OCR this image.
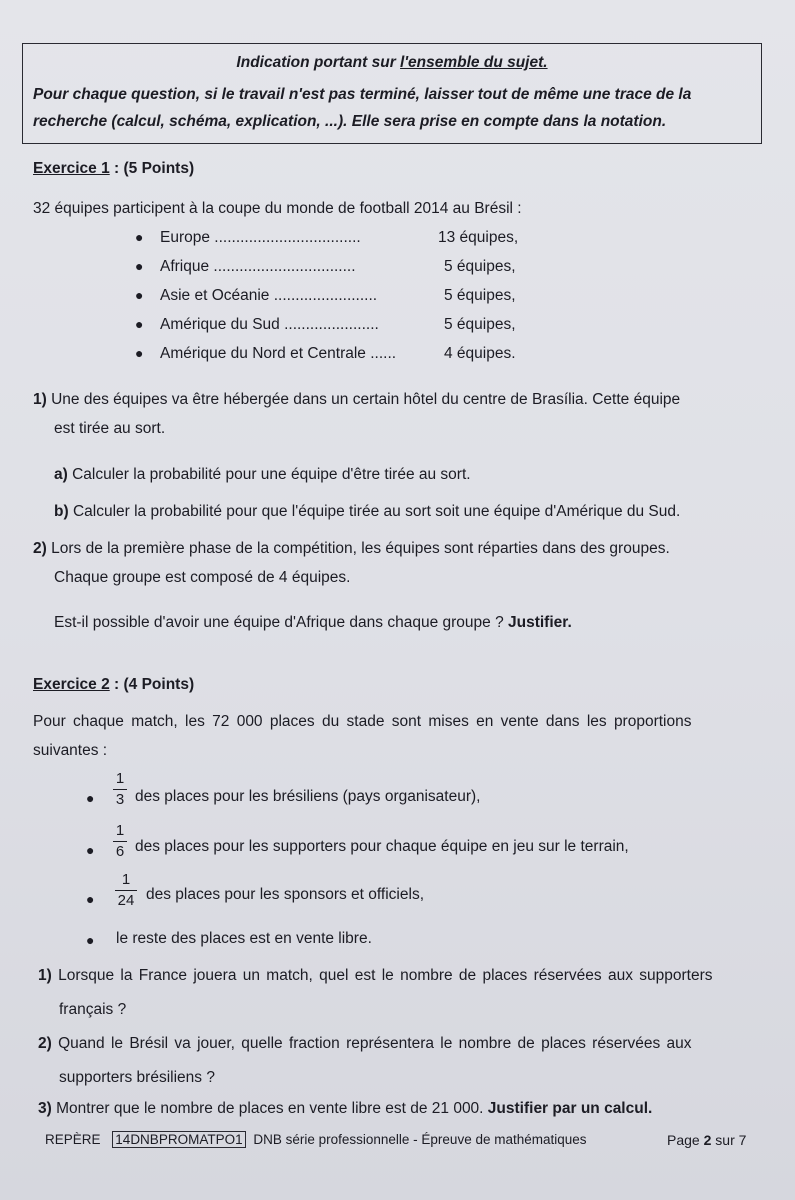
Indication portant sur l'ensemble du sujet.
Pour chaque question, si le travail n'est pas terminé, laisser tout de même une trace de la recherche (calcul, schéma, explication, ...). Elle sera prise en compte dans la notation.
Exercice 1 : (5 Points)
32 équipes participent à la coupe du monde de football 2014 au Brésil :
● Europe ..................................	13 équipes,
● Afrique .................................	5 équipes,
● Asie et Océanie ........................	5 équipes,
● Amérique du Sud ......................	5 équipes,
● Amérique du Nord et Centrale ......	4 équipes.
1) Une des équipes va être hébergée dans un certain hôtel du centre de Brasília. Cette équipe
est tirée au sort.
a) Calculer la probabilité pour une équipe d'être tirée au sort.
b) Calculer la probabilité pour que l'équipe tirée au sort soit une équipe d'Amérique du Sud.
2) Lors de la première phase de la compétition, les équipes sont réparties dans des groupes.
Chaque groupe est composé de 4 équipes.
Est-il possible d'avoir une équipe d'Afrique dans chaque groupe ? Justifier.
Exercice 2 : (4 Points)
Pour chaque match, les 72 000 places du stade sont mises en vente dans les proportions
suivantes :
●
1
3 des places pour les brésiliens (pays organisateur),
●
1
6 des places pour les supporters pour chaque équipe en jeu sur le terrain,
●
1
24 des places pour les sponsors et officiels,
● le reste des places est en vente libre.
1) Lorsque la France jouera un match, quel est le nombre de places réservées aux supporters
français ?
2) Quand le Brésil va jouer, quelle fraction représentera le nombre de places réservées aux
supporters brésiliens ?
3) Montrer que le nombre de places en vente libre est de 21 000. Justifier par un calcul.
REPÈRE 14DNBPROMATPO1 DNB série professionnelle - Épreuve de mathématiques	Page 2 sur 7
